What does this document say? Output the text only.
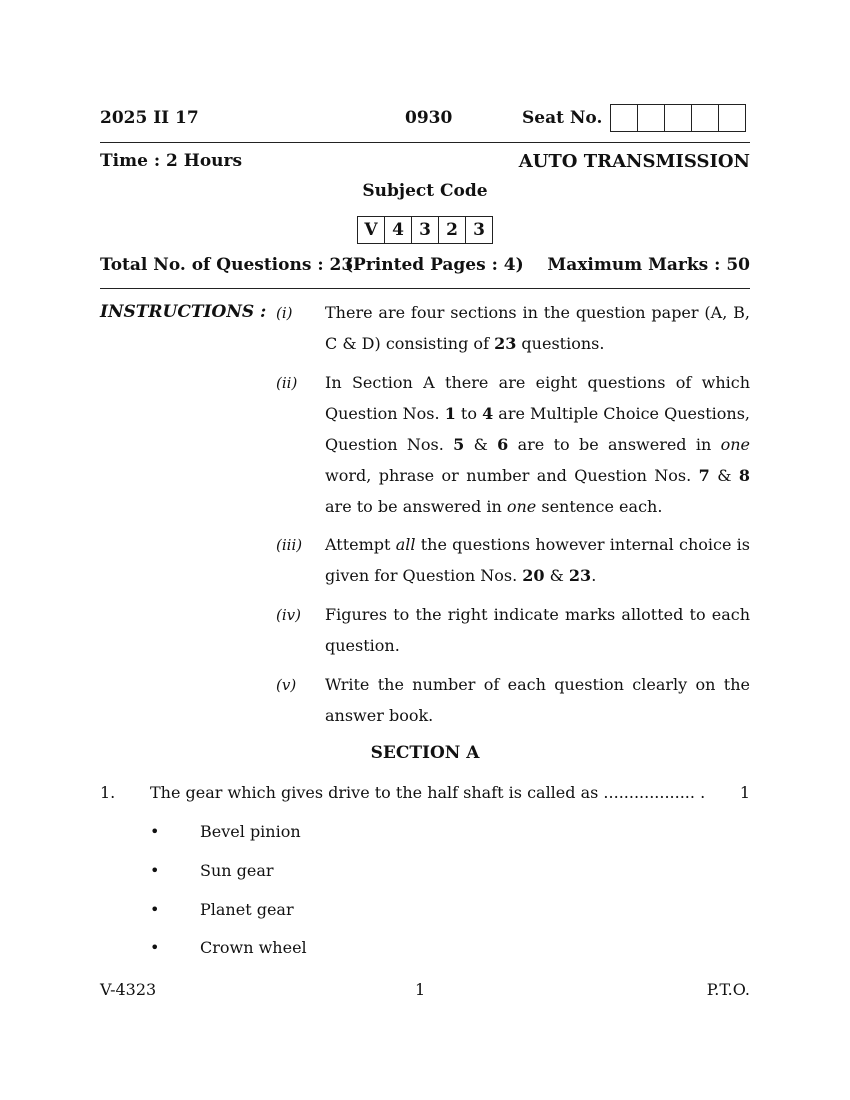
2025 II 17	0930	Seat No.
Time : 2 Hours	AUTO TRANSMISSION
Subject Code
V 4 3 2 3
Total No. of Questions : 23
(Printed Pages : 4) Maximum Marks : 50
INSTRUCTIONS : (i) There are four sections in the question paper (A, B, C & D) consisting of 23 questions.
(ii) In Section A there are eight questions of which Question Nos. 1 to 4 are Multiple Choice Questions, Question Nos. 5 & 6 are to be answered in one word, phrase or number and Question Nos. 7 & 8 are to be answered in one sentence each.
(iii) Attempt all the questions however internal choice is given for Question Nos. 20 & 23.
(iv) Figures to the right indicate marks allotted to each question.
(v) Write the number of each question clearly on the answer book.
SECTION A
1. The gear which gives drive to the half shaft is called as .................. . 1
•	Bevel pinion
•	Sun gear
•	Planet gear
•	Crown wheel
V-4323	1	P.T.O.
